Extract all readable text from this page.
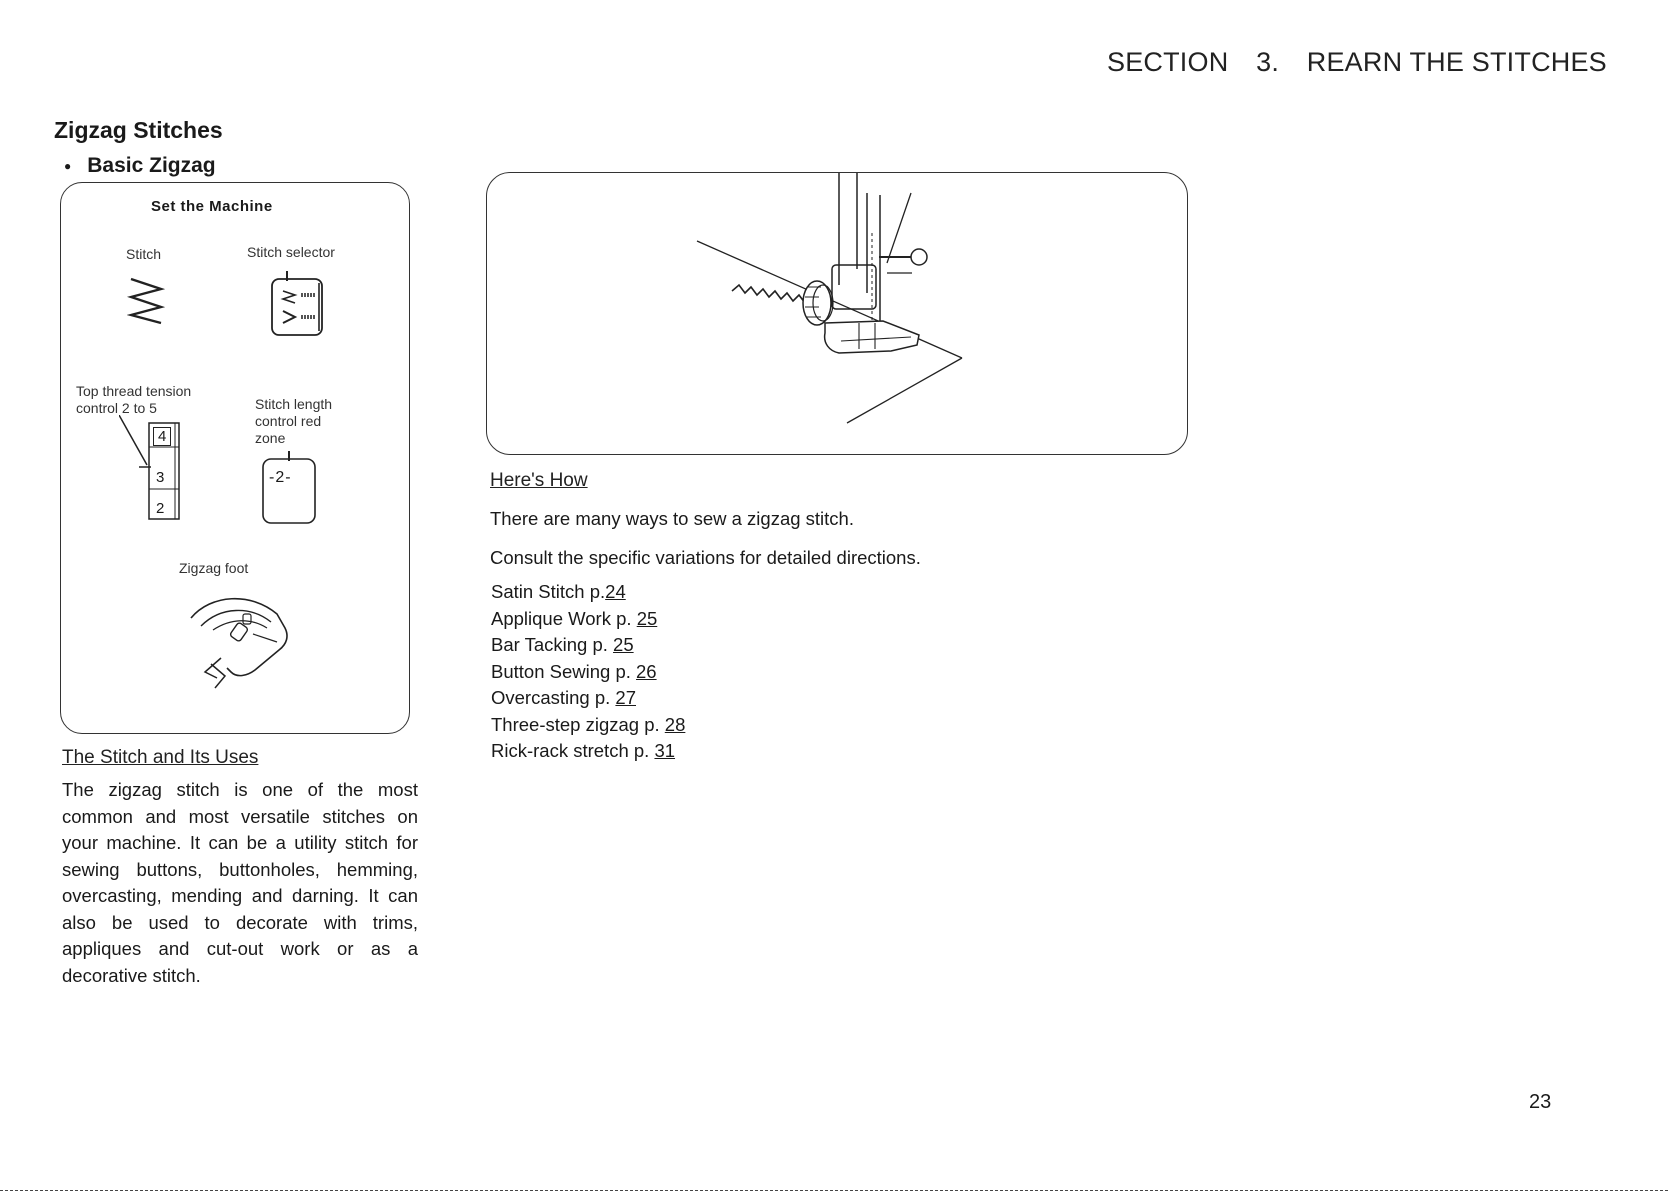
SECTION 3. REARN THE STITCHES
Zigzag Stitches
● Basic Zigzag
Set the Machine
Stitch	Stitch selector
Top thread tension
control 2 to 5	Stitch length
control red
zone
4
3
2
-2-
Zigzag foot
The Stitch and Its Uses

The zigzag stitch is one of the most common and most versatile stitches on your machine. It can be a utility stitch for sewing buttons, buttonholes, hemming, overcasting, mending and darning. It can also be used to decorate with trims, appliques and cut-out work or as a decorative stitch.

Here's How
There are many ways to sew a zigzag stitch.
Consult the specific variations for detailed directions.
Satin Stitch p.24
Applique Work p. 25
Bar Tacking p. 25
Button Sewing p. 26
Overcasting p. 27
Three-step zigzag p. 28
Rick-rack stretch p. 31
23
